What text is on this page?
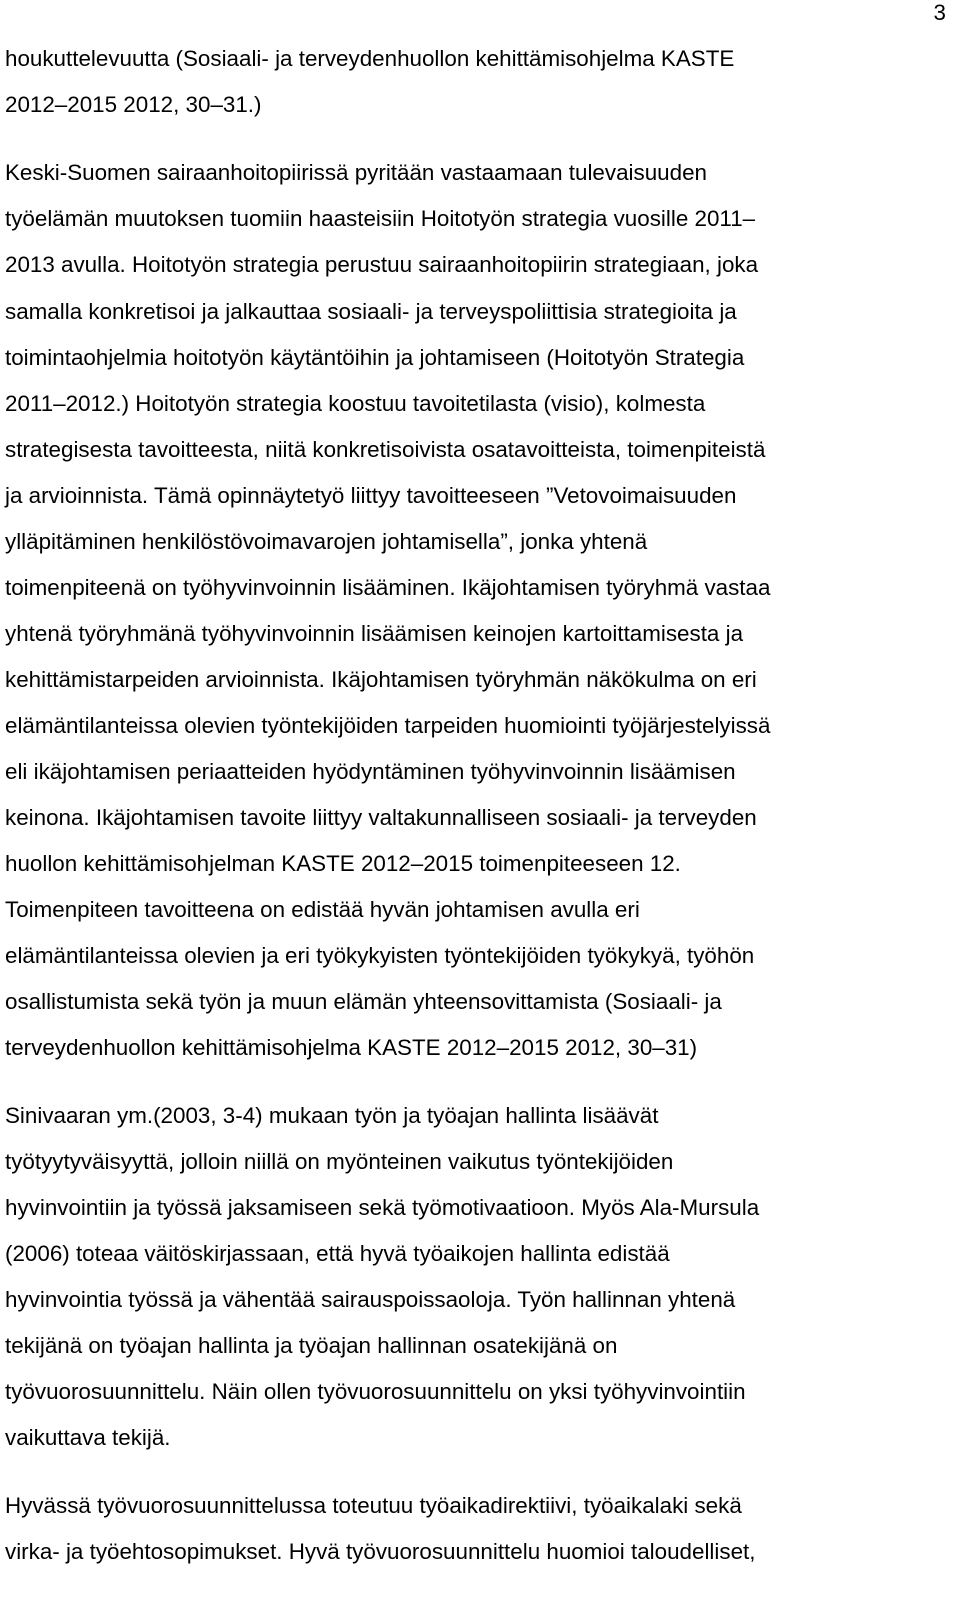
3
houkuttelevuutta (Sosiaali- ja terveydenhuollon kehittämisohjelma KASTE
2012–2015 2012, 30–31.)
Keski-Suomen sairaanhoitopiirissä pyritään vastaamaan tulevaisuuden
työelämän muutoksen tuomiin haasteisiin Hoitotyön strategia vuosille 2011–
2013 avulla. Hoitotyön strategia perustuu sairaanhoitopiirin strategiaan, joka
samalla konkretisoi ja jalkauttaa sosiaali- ja terveyspoliittisia strategioita ja
toimintaohjelmia hoitotyön käytäntöihin ja johtamiseen (Hoitotyön Strategia
2011–2012.) Hoitotyön strategia koostuu tavoitetilasta (visio), kolmesta
strategisesta tavoitteesta, niitä konkretisoivista osatavoitteista, toimenpiteistä
ja arvioinnista. Tämä opinnäytetyö liittyy tavoitteeseen ”Vetovoimaisuuden
ylläpitäminen henkilöstövoimavarojen johtamisella”, jonka yhtenä
toimenpiteenä on työhyvinvoinnin lisääminen. Ikäjohtamisen työryhmä vastaa
yhtenä työryhmänä työhyvinvoinnin lisäämisen keinojen kartoittamisesta ja
kehittämistarpeiden arvioinnista. Ikäjohtamisen työryhmän näkökulma on eri
elämäntilanteissa olevien työntekijöiden tarpeiden huomiointi työjärjestelyissä
eli ikäjohtamisen periaatteiden hyödyntäminen työhyvinvoinnin lisäämisen
keinona. Ikäjohtamisen tavoite liittyy valtakunnalliseen sosiaali- ja terveyden
huollon kehittämisohjelman KASTE 2012–2015 toimenpiteeseen 12.
Toimenpiteen tavoitteena on edistää hyvän johtamisen avulla eri
elämäntilanteissa olevien ja eri työkykyisten työntekijöiden työkykyä, työhön
osallistumista sekä työn ja muun elämän yhteensovittamista (Sosiaali- ja
terveydenhuollon kehittämisohjelma KASTE 2012–2015 2012, 30–31)
Sinivaaran ym.(2003, 3-4) mukaan työn ja työajan hallinta lisäävät
työtyytyväisyyttä, jolloin niillä on myönteinen vaikutus työntekijöiden
hyvinvointiin ja työssä jaksamiseen sekä työmotivaatioon. Myös Ala-Mursula
(2006) toteaa väitöskirjassaan, että hyvä työaikojen hallinta edistää
hyvinvointia työssä ja vähentää sairauspoissaoloja. Työn hallinnan yhtenä
tekijänä on työajan hallinta ja työajan hallinnan osatekijänä on
työvuorosuunnittelu. Näin ollen työvuorosuunnittelu on yksi työhyvinvointiin
vaikuttava tekijä.
Hyvässä työvuorosuunnittelussa toteutuu työaikadirektiivi, työaikalaki sekä
virka- ja työehtosopimukset. Hyvä työvuorosuunnittelu huomioi taloudelliset,
